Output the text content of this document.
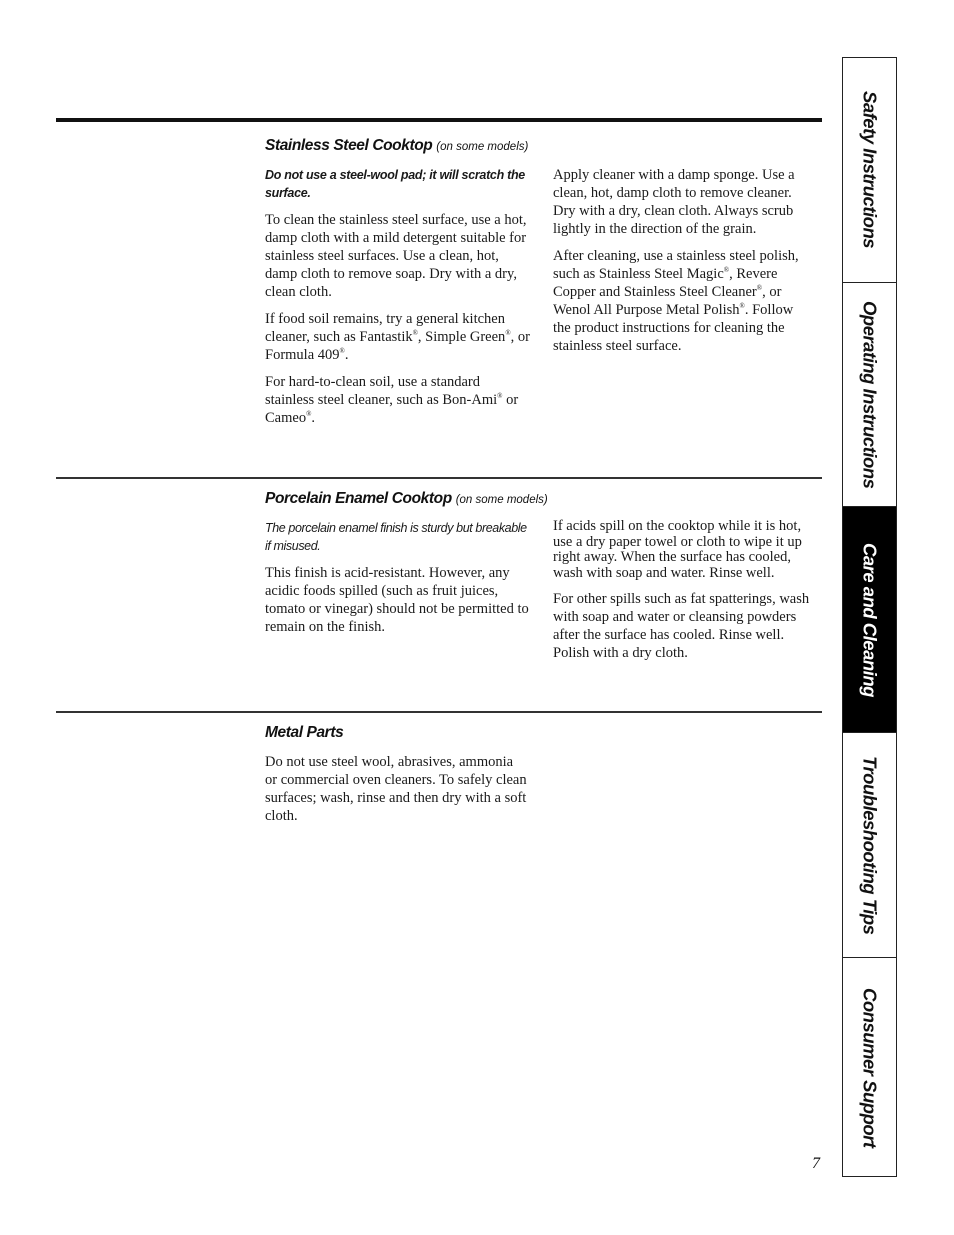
Stainless Steel Cooktop (on some models)

Do not use a steel-wool pad; it will scratch the surface.

To clean the stainless steel surface, use a hot, damp cloth with a mild detergent suitable for stainless steel surfaces. Use a clean, hot, damp cloth to remove soap. Dry with a dry, clean cloth.

If food soil remains, try a general kitchen cleaner, such as Fantastik®, Simple Green®, or Formula 409®.

For hard-to-clean soil, use a standard stainless steel cleaner, such as Bon-Ami® or Cameo®.

Apply cleaner with a damp sponge. Use a clean, hot, damp cloth to remove cleaner. Dry with a dry, clean cloth. Always scrub lightly in the direction of the grain.

After cleaning, use a stainless steel polish, such as Stainless Steel Magic®, Revere Copper and Stainless Steel Cleaner®, or Wenol All Purpose Metal Polish®. Follow the product instructions for cleaning the stainless steel surface.

Porcelain Enamel Cooktop (on some models)

The porcelain enamel finish is sturdy but breakable if misused.

This finish is acid-resistant. However, any acidic foods spilled (such as fruit juices, tomato or vinegar) should not be permitted to remain on the finish.

If acids spill on the cooktop while it is hot, use a dry paper towel or cloth to wipe it up right away. When the surface has cooled, wash with soap and water. Rinse well.

For other spills such as fat spatterings, wash with soap and water or cleansing powders after the surface has cooled. Rinse well. Polish with a dry cloth.

Metal Parts

Do not use steel wool, abrasives, ammonia or commercial oven cleaners. To safely clean surfaces; wash, rinse and then dry with a soft cloth.

Safety Instructions
Operating Instructions
Care and Cleaning
Troubleshooting Tips
Consumer Support
7
